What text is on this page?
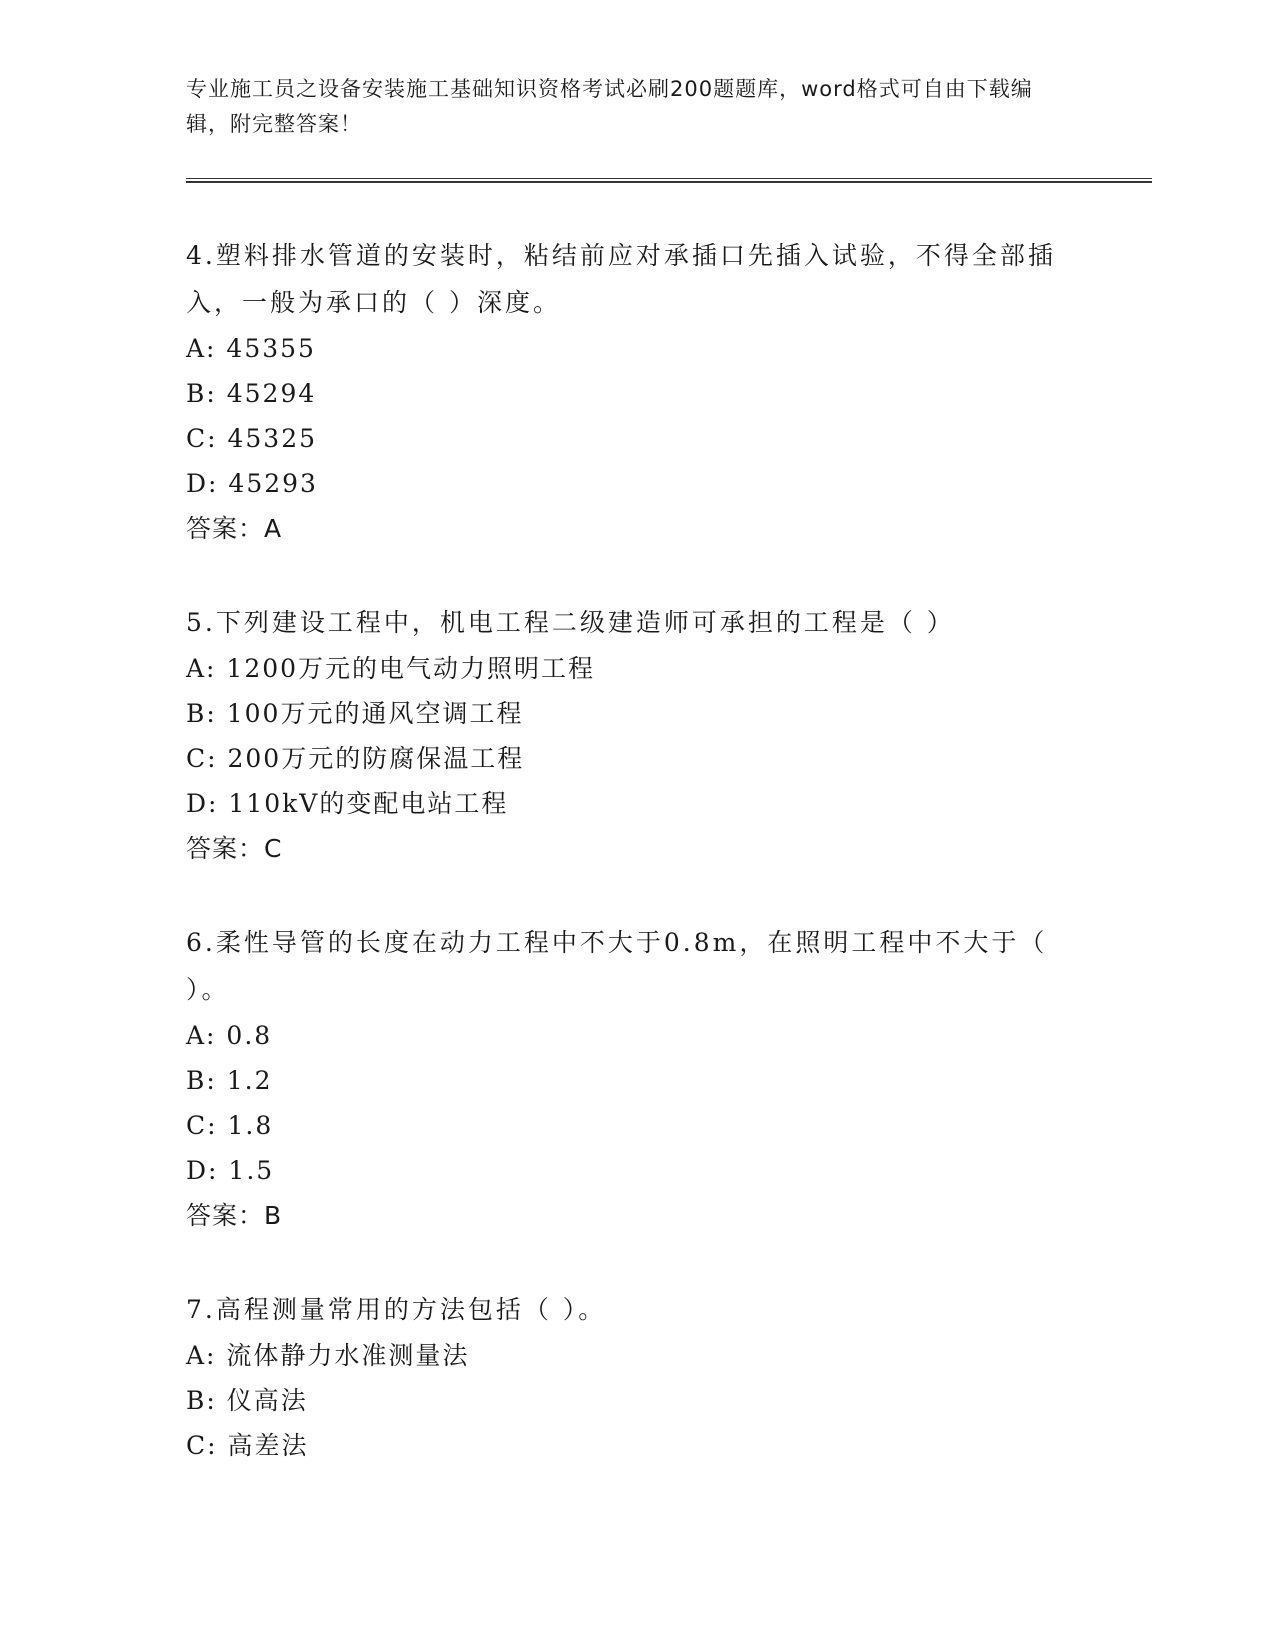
专业施工员之设备安装施工基础知识资格考试必刷200题题库，word格式可自由下载编辑，附完整答案！

4.塑料排水管道的安装时，粘结前应对承插口先插入试验，不得全部插入，一般为承口的（ ）深度。

A: 45355

B: 45294

C: 45325

D: 45293

答案：A

5.下列建设工程中，机电工程二级建造师可承担的工程是（ ）

A: 1200万元的电气动力照明工程

B: 100万元的通风空调工程

C: 200万元的防腐保温工程

D: 110kV的变配电站工程

答案：C

6.柔性导管的长度在动力工程中不大于0.8m，在照明工程中不大于（ ）。

A: 0.8

B: 1.2

C: 1.8

D: 1.5

答案：B

7.高程测量常用的方法包括（ ）。

A: 流体静力水准测量法

B: 仪高法

C: 高差法
